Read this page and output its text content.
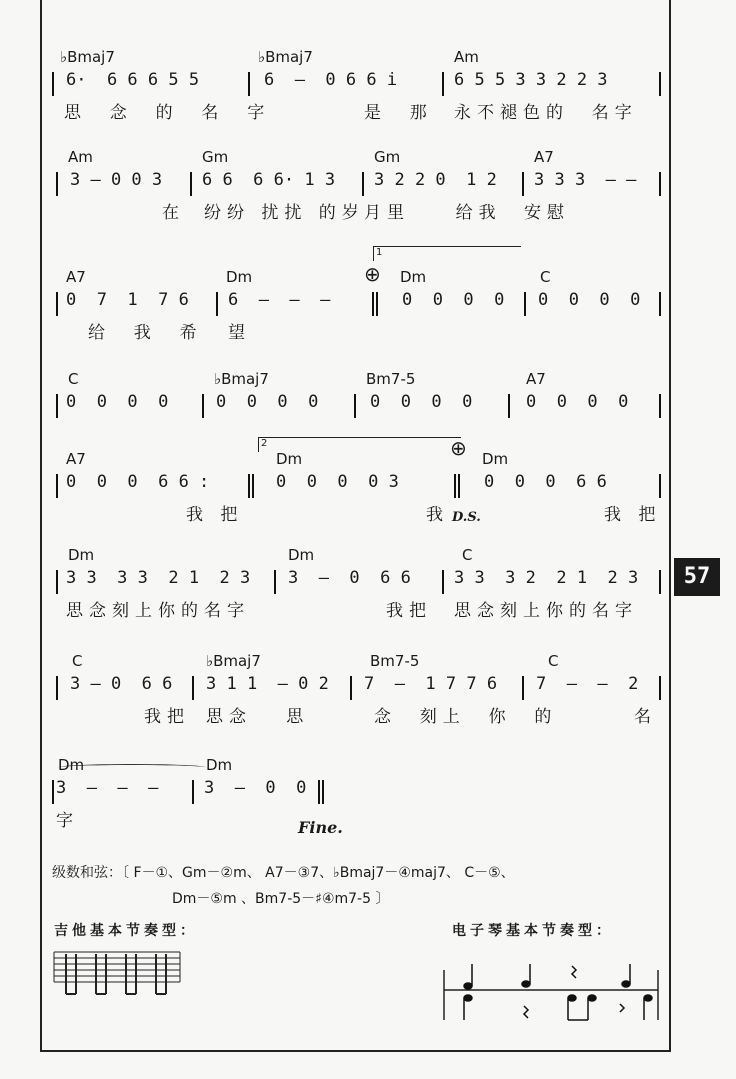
57
♭Bmaj7	♭Bmaj7	Am
6·  6 6 6 5 5	6  –  0 6 6 i	6 5 5 3 3 2 2 3
思  念  的  名  字	是  那 永不褪色的  名字
Am	Gm	Gm	A7
3 – 0 0 3 6 6  6 6· 1 3 3 2 2 0  1 2 3 3 3  – –
在 纷纷 扰扰 的岁 月里    给我 安慰
1
⊕
A7	Dm	Dm	C
0  7  1  7 6 6  –  –  –	0  0  0  0 0  0  0  0
给  我  希 望
C	♭Bmaj7	Bm7-5	A7
0  0  0  0	0  0  0  0	0  0  0  0	0  0  0  0
2	⊕
A7	Dm	Dm
0  0  0  6 6 :	0  0  0  0 3	0  0  0  6 6
我 把	我	我 把
D.S.
Dm	Dm	C
3 3  3 3  2 1  2 3 3  –  0  6 6	3 3  3 2  2 1  2 3
思念刻上你的名字	我把 思念刻上你的名字
C	♭Bmaj7	Bm7-5	C
3 – 0  6 6 3 1 1  – 0 2 7  –  1 7 7 6 7  –  –  2
我把 思念   思	念  刻上  你  的	名
Dm	Dm
3  –  –  –	3  –  0  0
字	Fine.
级数和弦：〔 F－①、Gm－②m、 A7－③7、♭Bmaj7－④maj7、 C－⑤、
Dm－⑤m 、Bm7-5－♯④m7-5 〕
吉他基本节奏型：	电子琴基本节奏型：
